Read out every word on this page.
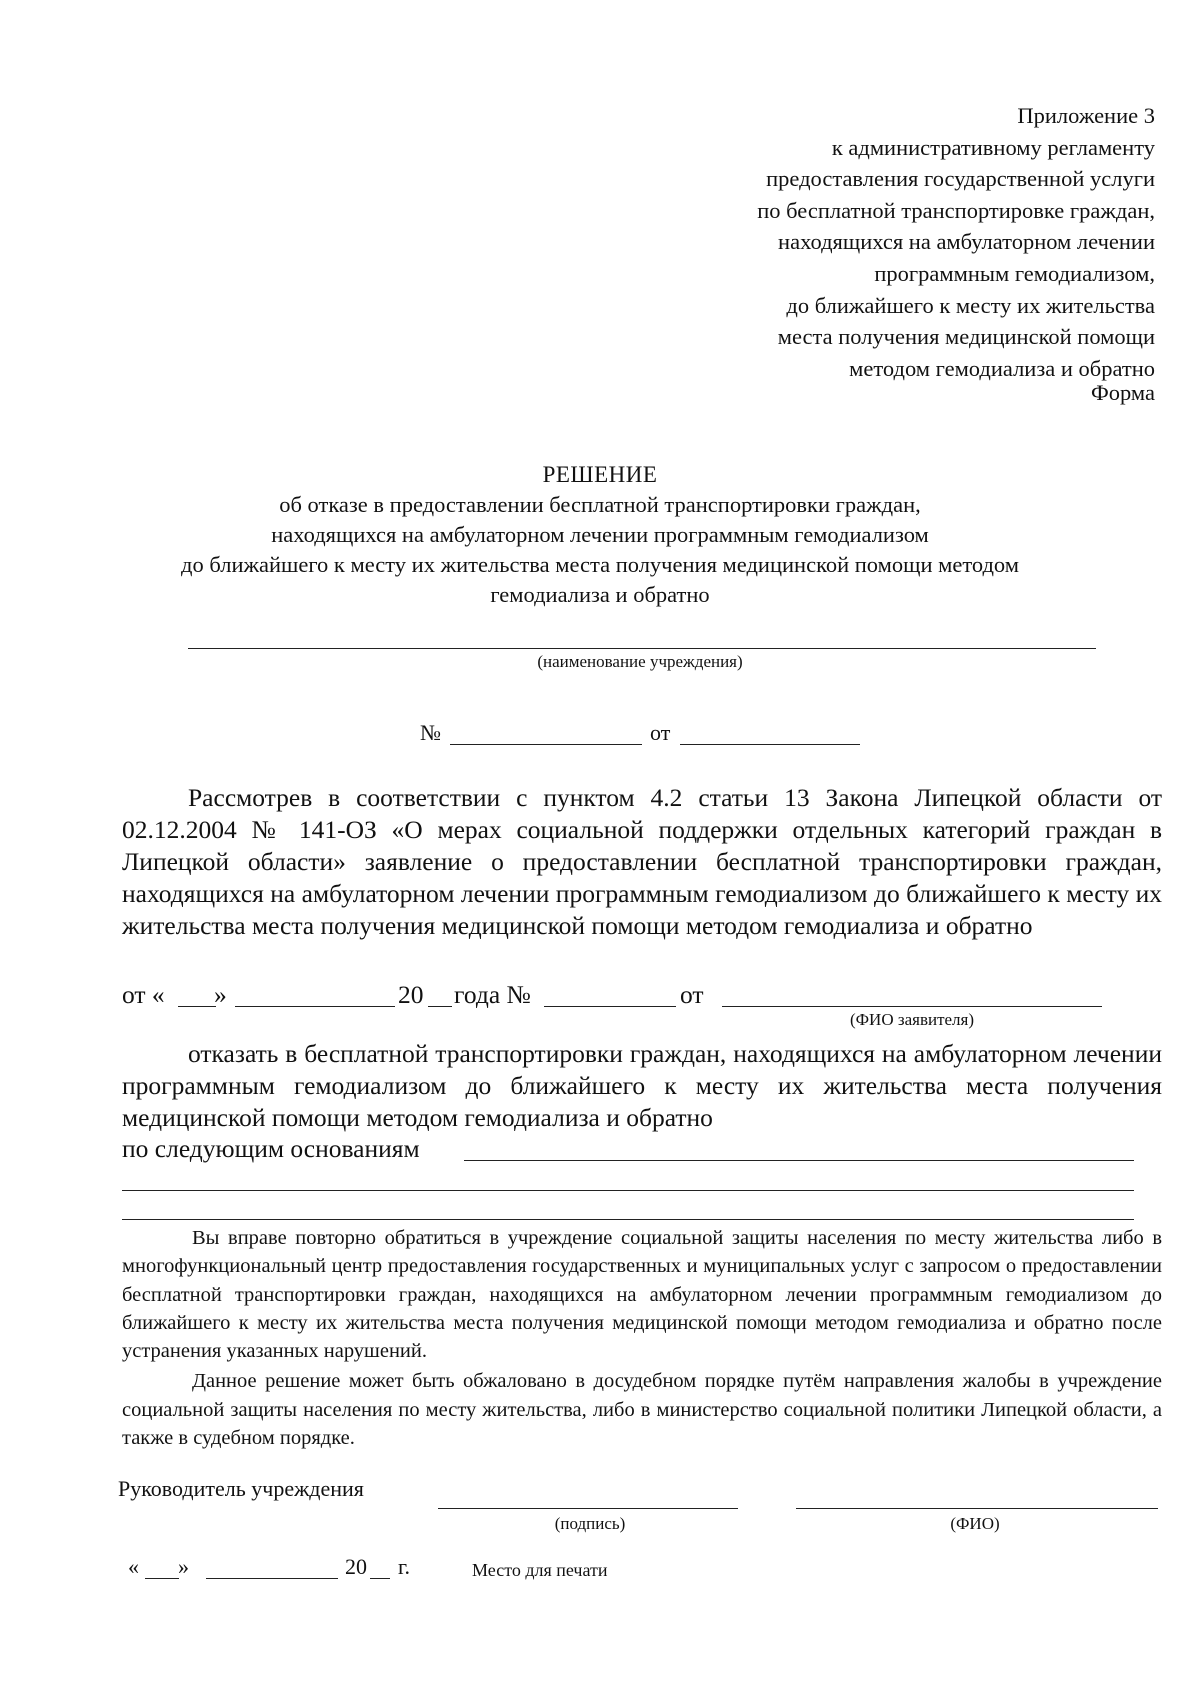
Приложение 3
к административному регламенту
предоставления государственной услуги
по бесплатной транспортировке граждан,
находящихся на амбулаторном лечении
программным гемодиализом,
до ближайшего к месту их жительства
места получения медицинской помощи
методом гемодиализа и обратно
Форма
РЕШЕНИЕ
об отказе в предоставлении бесплатной транспортировки граждан,
находящихся на амбулаторном лечении программным гемодиализом
до ближайшего к месту их жительства места получения медицинской помощи методом
гемодиализа и обратно
(наименование учреждения)
№	от

Рассмотрев в соответствии с пунктом 4.2 статьи 13 Закона Липецкой области от 02.12.2004 № 141-ОЗ «О мерах социальной поддержки отдельных категорий граждан в Липецкой области» заявление о предоставлении бесплатной транспортировки граждан, находящихся на амбулаторном лечении программным гемодиализом до ближайшего к месту их жительства места получения медицинской помощи методом гемодиализа и обратно

от « »	20 года №	от
(ФИО заявителя)

отказать в бесплатной транспортировки граждан, находящихся на амбулаторном лечении программным гемодиализом до ближайшего к месту их жительства места получения медицинской помощи методом гемодиализа и обратно

по следующим основаниям

Вы вправе повторно обратиться в учреждение социальной защиты населения по месту жительства либо в многофункциональный центр предоставления государственных и муниципальных услуг с запросом о предоставлении бесплатной транспортировки граждан, находящихся на амбулаторном лечении программным гемодиализом до ближайшего к месту их жительства места получения медицинской помощи методом гемодиализа и обратно после устранения указанных нарушений.

Данное решение может быть обжаловано в досудебном порядке путём направления жалобы в учреждение социальной защиты населения по месту жительства, либо в министерство социальной политики Липецкой области, а также в судебном порядке.

Руководитель учреждения
(подпись)	(ФИО)
« »	20 г.	Место для печати
